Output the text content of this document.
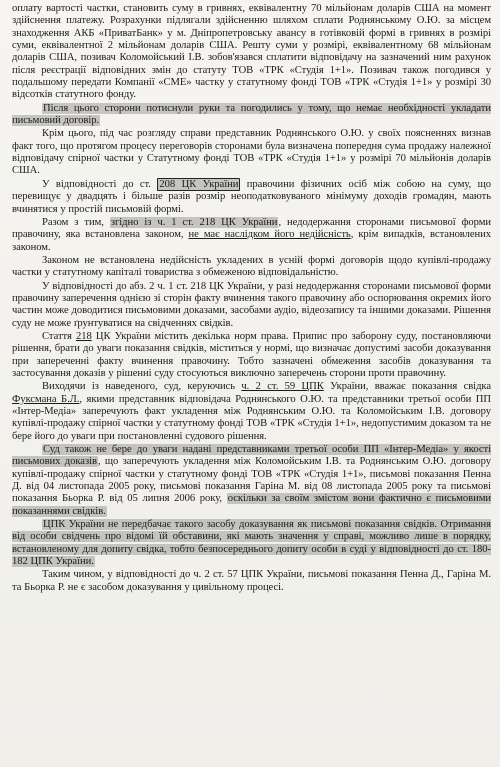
оплату вартості частки, становить суму в гривнях, еквівалентну 70 мільйонам доларів США на момент здійснення платежу. Розрахунки підлягали здійсненню шляхом сплати Роднянському О.Ю. за місцем знаходження АКБ «ПриватБанк» у м. Дніпропетровську авансу в готівковій формі в гривнях в розмірі суми, еквівалентної 2 мільйонам доларів США. Решту суми у розмірі, еквівалентному 68 мільйонам доларів США, позивач Коломойський І.В. зобов'язався сплатити відповідачу на зазначений ним рахунок після реєстрації відповідних змін до статуту ТОВ «ТРК «Студія 1+1». Позивач також погодився у подальшому передати Компанії «СМЕ» частку у статутному фонді ТОВ «ТРК «Студія 1+1» у розмірі 30 відсотків статутного фонду.

Після цього сторони потиснули руки та погодились у тому, що немає необхідності укладати письмовий договір.

Крім цього, під час розгляду справи представник Роднянського О.Ю. у своїх поясненнях визнав факт того, що протягом процесу переговорів сторонами була визначена попередня сума продажу належної відповідачу спірної частки у Статутному фонді ТОВ «ТРК «Студія 1+1» у розмірі 70 мільйонів доларів США.

У відповідності до ст. 208 ЦК України правочини фізичних осіб між собою на суму, що перевищує у двадцять і більше разів розмір неоподатковуваного мінімуму доходів громадян, мають вчинятися у простій письмовій формі.

Разом з тим, згідно із ч. 1 ст. 218 ЦК України, недодержання сторонами письмової форми правочину, яка встановлена законом, не має наслідком його недійсність, крім випадків, встановлених законом.

Законом не встановлена недійсність укладених в усній формі договорів щодо купівлі-продажу частки у статутному капіталі товариства з обмеженою відповідальністю.

У відповідності до абз. 2 ч. 1 ст. 218 ЦК України, у разі недодержання сторонами письмової форми правочину заперечення однією зі сторін факту вчинення такого правочину або оспорювання окремих його частин може доводитися письмовими доказами, засобами аудіо, відеозапису та іншими доказами. Рішення суду не може ґрунтуватися на свідченнях свідків.

Стаття 218 ЦК України містить декілька норм права. Припис про заборону суду, постановляючи рішення, брати до уваги показання свідків, міститься у нормі, що визначає допустимі засоби доказування при запереченні факту вчинення правочину. Тобто зазначені обмеження засобів доказування та застосування доказів у рішенні суду стосуються виключно заперечень сторони проти правочину.

Виходячи із наведеного, суд, керуючись ч. 2 ст. 59 ЦПК України, вважає показання свідка Фуксмана Б.Л., якими представник відповідача Роднянського О.Ю. та представники третьої особи ПП «Інтер-Медіа» заперечують факт укладення між Роднянським О.Ю. та Коломойським І.В. договору купівлі-продажу спірної частки у статутному фонді ТОВ «ТРК «Студія 1+1», недопустимим доказом та не бере його до уваги при постановленні судового рішення.

Суд також не бере до уваги надані представниками третьої особи ПП «Інтер-Медіа» у якості письмових доказів, що заперечують укладення між Коломойським І.В. та Роднянським О.Ю. договору купівлі-продажу спірної частки у статутному фонді ТОВ «ТРК «Студія 1+1», письмові показання Пенна Д. від 04 листопада 2005 року, письмові показання Гаріна М. від 08 листопада 2005 року та письмові показання Бьорка Р. від 05 липня 2006 року, оскільки за своїм змістом вони фактично є письмовими показаннями свідків.

ЦПК України не передбачає такого засобу доказування як письмові показання свідків. Отримання від особи свідчень про відомі їй обставини, які мають значення у справі, можливо лише в порядку, встановленому для допиту свідка, тобто безпосереднього допиту особи в суді у відповідності до ст. 180-182 ЦПК України.

Таким чином, у відповідності до ч. 2 ст. 57 ЦПК України, письмові показання Пенна Д., Гаріна М. та Бьорка Р. не є засобом доказування у цивільному процесі.
